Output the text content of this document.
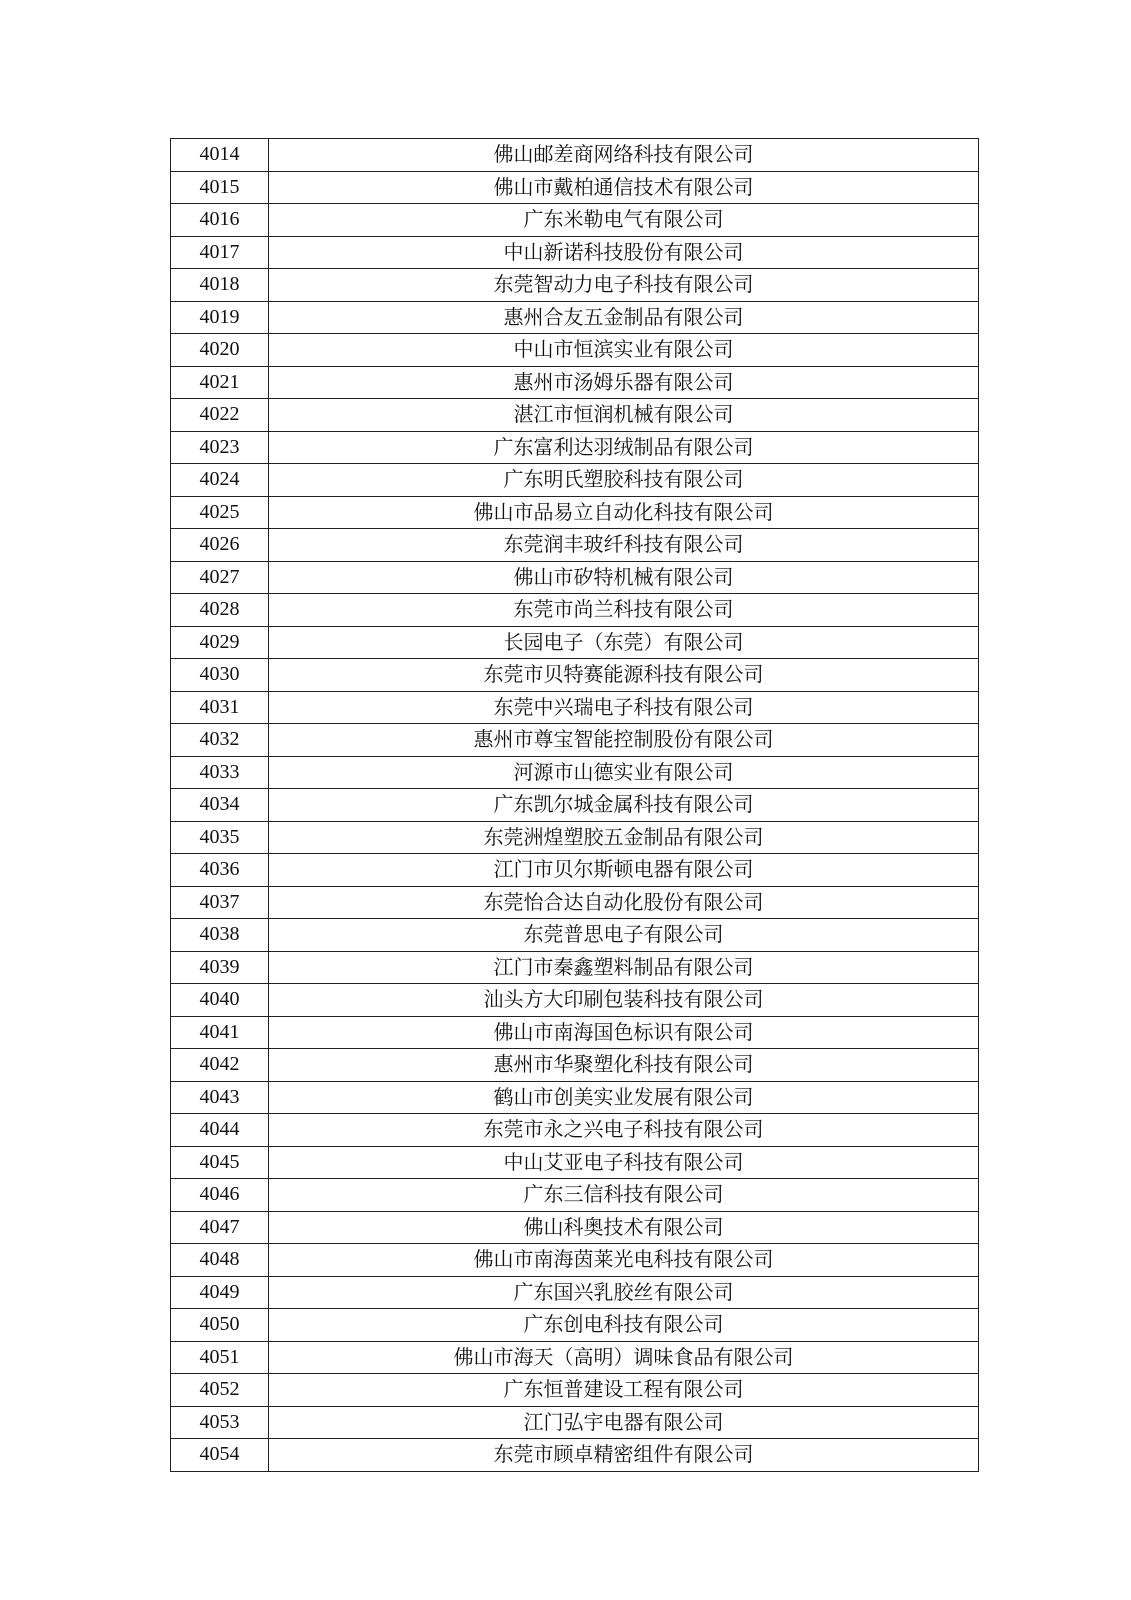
4014	佛山邮差商网络科技有限公司
4015	佛山市戴柏通信技术有限公司
4016	广东米勒电气有限公司
4017	中山新诺科技股份有限公司
4018	东莞智动力电子科技有限公司
4019	惠州合友五金制品有限公司
4020	中山市恒滨实业有限公司
4021	惠州市汤姆乐器有限公司
4022	湛江市恒润机械有限公司
4023	广东富利达羽绒制品有限公司
4024	广东明氏塑胶科技有限公司
4025	佛山市品易立自动化科技有限公司
4026	东莞润丰玻纤科技有限公司
4027	佛山市矽特机械有限公司
4028	东莞市尚兰科技有限公司
4029	长园电子（东莞）有限公司
4030	东莞市贝特赛能源科技有限公司
4031	东莞中兴瑞电子科技有限公司
4032	惠州市尊宝智能控制股份有限公司
4033	河源市山德实业有限公司
4034	广东凯尔城金属科技有限公司
4035	东莞洲煌塑胶五金制品有限公司
4036	江门市贝尔斯顿电器有限公司
4037	东莞怡合达自动化股份有限公司
4038	东莞普思电子有限公司
4039	江门市秦鑫塑料制品有限公司
4040	汕头方大印刷包装科技有限公司
4041	佛山市南海国色标识有限公司
4042	惠州市华聚塑化科技有限公司
4043	鹤山市创美实业发展有限公司
4044	东莞市永之兴电子科技有限公司
4045	中山艾亚电子科技有限公司
4046	广东三信科技有限公司
4047	佛山科奥技术有限公司
4048	佛山市南海茵莱光电科技有限公司
4049	广东国兴乳胶丝有限公司
4050	广东创电科技有限公司
4051	佛山市海天（高明）调味食品有限公司
4052	广东恒普建设工程有限公司
4053	江门弘宇电器有限公司
4054	东莞市顾卓精密组件有限公司
